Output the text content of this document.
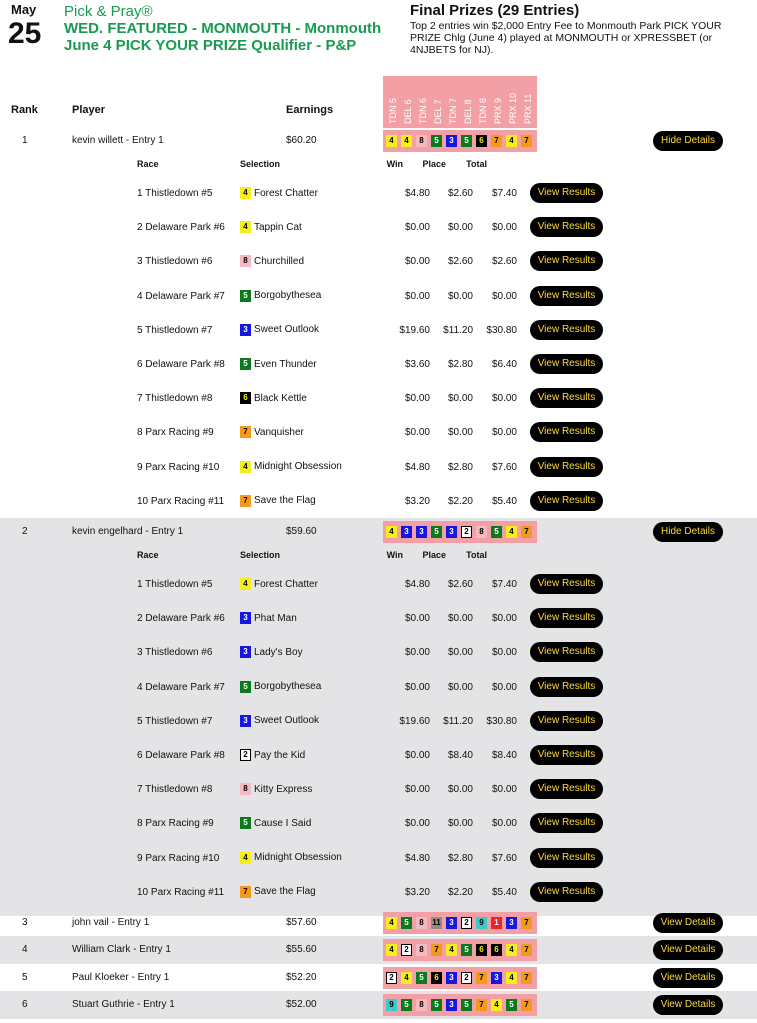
May
25
Pick & Pray®
WED. FEATURED - MONMOUTH - Monmouth June 4 PICK YOUR PRIZE Qualifier - P&P
Final Prizes (29 Entries)
Top 2 entries win $2,000 Entry Fee to Monmouth Park PICK YOUR PRIZE Chlg (June 4) played at MONMOUTH or XPRESSBET (or 4NJBETS for NJ).
Rank	Player	Earnings	TDN 5 DEL 6 TDN 6 DEL 7 TDN 7 DEL 8 TDN 8 PRX 9 PRX 10 PRX 11
1	kevin willett - Entry 1	$60.20	4	4	8	5	3	5	6	7	4	7	Hide Details
Race	Selection	Win	Place	Total
1 Thistledown #5	4 Forest Chatter	$4.80	$2.60	$7.40	View Results
2 Delaware Park #6	4 Tappin Cat	$0.00	$0.00	$0.00	View Results
3 Thistledown #6	8 Churchilled	$0.00	$2.60	$2.60	View Results
4 Delaware Park #7	5 Borgobythesea	$0.00	$0.00	$0.00	View Results
5 Thistledown #7	3 Sweet Outlook	$19.60	$11.20	$30.80	View Results
6 Delaware Park #8	5 Even Thunder	$3.60	$2.80	$6.40	View Results
7 Thistledown #8	6 Black Kettle	$0.00	$0.00	$0.00	View Results
8 Parx Racing #9	7 Vanquisher	$0.00	$0.00	$0.00	View Results
9 Parx Racing #10	4 Midnight Obsession	$4.80	$2.80	$7.60	View Results
10 Parx Racing #11	7 Save the Flag	$3.20	$2.20	$5.40	View Results
2	kevin engelhard - Entry 1	$59.60	4	3	3	5	3	2	8	5	4	7	Hide Details
Race	Selection	Win	Place	Total
1 Thistledown #5	4 Forest Chatter	$4.80	$2.60	$7.40	View Results
2 Delaware Park #6	3 Phat Man	$0.00	$0.00	$0.00	View Results
3 Thistledown #6	3 Lady's Boy	$0.00	$0.00	$0.00	View Results
4 Delaware Park #7	5 Borgobythesea	$0.00	$0.00	$0.00	View Results
5 Thistledown #7	3 Sweet Outlook	$19.60	$11.20	$30.80	View Results
6 Delaware Park #8	2 Pay the Kid	$0.00	$8.40	$8.40	View Results
7 Thistledown #8	8 Kitty Express	$0.00	$0.00	$0.00	View Results
8 Parx Racing #9	5 Cause I Said	$0.00	$0.00	$0.00	View Results
9 Parx Racing #10	4 Midnight Obsession	$4.80	$2.80	$7.60	View Results
10 Parx Racing #11	7 Save the Flag	$3.20	$2.20	$5.40	View Results
3	john vail - Entry 1	$57.60	4	5	8	11	3	2	9	1	3	7	View Details
4	William Clark - Entry 1	$55.60	4	2	8	7	4	5	6	6	4	7	View Details
5	Paul Kloeker - Entry 1	$52.20	2	4	5	6	3	2	7	3	4	7	View Details
6	Stuart Guthrie - Entry 1	$52.00	9	5	8	5	3	5	7	4	5	7	View Details
